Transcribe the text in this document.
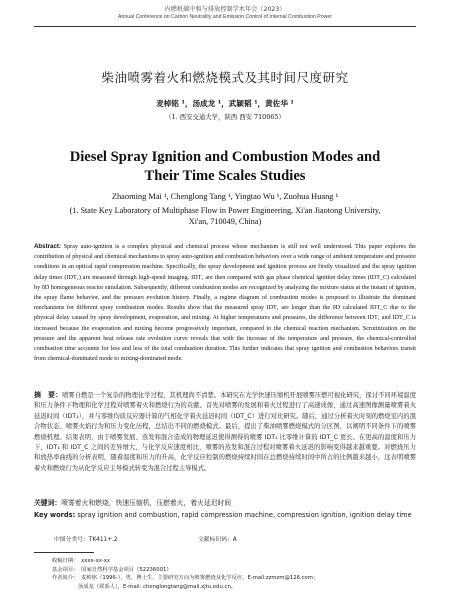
内燃机碳中和与排放控制学术年会（2023）
Annual Conference on Carbon Neutrality and Emission Control of Internal Combustion Power
柴油喷雾着火和燃烧模式及其时间尺度研究
麦棹铭 ¹，汤成龙 ¹，武颖韬 ¹，黄佐华 ¹
（1. 西安交通大学，陕西 西安 710065）
Diesel Spray Ignition and Combustion Modes and
Their Time Scales Studies
Zhaoming Mai ¹, Chenglong Tang ¹, Yingtao Wu ¹, Zuohua Huang ¹
(1. State Key Laboratory of Multiphase Flow in Power Engineering, Xi'an Jiaotong University, Xi'an, 710049, China)
Abstract: Spray auto-ignition is a complex physical and chemical process whose mechanism is still not well understood. This paper explores the contribution of physical and chemical mechanisms to spray auto-ignition and combustion behaviors over a wide range of ambient temperature and pressure conditions in an optical rapid compression machine. Specifically, the spray development and ignition process are firstly visualized and the spray ignition delay times (IDT₁) are measured through high-speed imaging. IDT₁ are then compared with gas phase chemical ignition delay times (IDT_C) calculated by 0D homogeneous reactor simulation. Subsequently, different combustion modes are recognized by analyzing the mixture status at the instant of ignition, the spray flame behavior, and the pressure evolution history. Finally, a regime diagram of combustion modes is proposed to illustrate the dominant mechanisms for different spray combustion modes. Results show that the measured spray IDT₁ are longer than the 0D calculated IDT_C due to the physical delay caused by spray development, evaporation, and mixing. At higher temperatures and pressures, the difference between IDT₁ and IDT_C is increased because the evaporation and mixing become progressively important, compared to the chemical reaction mechanism. Scrutinization on the pressure and the apparent heat release rate evolution curve reveals that with the increase of the temperature and pressure, the chemical-controlled combustion time accounts for less and less of the total combustion duration. This further indicates that spray ignition and combustion behaviors transit from chemical-dominated mode to mixing-dominated mode.
摘　要：喷雾自燃是一个复杂的物理化学过程，其机理尚不清楚。本研究在光学快速压缩机开展喷雾压燃可视化研究，探讨不同环境温度和压力条件下物理和化学过程对喷雾着火和燃烧行为的贡献。首先对喷雾的发展和着火过程进行了高速成像，通过高速图像测量喷雾着火延迟时间（IDT₁），并与零维均质反应器计算的气相化学着火延迟时间（IDT_C）进行对比研究。随后，通过分析着火时刻的燃烧室内的混合物状态、喷雾火焰行为和压力变化历程，总结出不同的燃烧模式。最后，提出了柴油喷雾燃烧模式的分区图，以阐明不同条件下的喷雾燃烧机理。结果表明，由于喷雾发展、蒸发和混合造成的物理延迟使得测得的喷雾 IDT₁ 比零维计算的 IDT_C 更长。在更高的温度和压力下，IDT₁ 和 IDT_C 之间的差异增大，与化学反应速度相比，喷雾的蒸发和混合过程对喷雾着火延迟的影响变得越来越重要。对燃烧压力和放热率曲线的分析表明，随着温度和压力的升高，化学反应控制的燃烧持续时间在总燃烧持续时间中所占的比例越来越小，这表明喷雾着火和燃烧行为从化学反应主导模式转变为混合过程主导模式。
关键词：喷雾着火和燃烧，快速压缩机，压燃着火，着火延迟时间
Key words: spray ignition and combustion, rapid compression machine, compression ignition, ignition delay time
中图分类号：TK411+.2	文献标识码：A
收稿日期：　xxxx-xx-xx
基金项目：　国家自然科学基金项目（52236001）
作者简介：　麦棹铭（1996-），男，博士生，主要研究方向为喷雾燃烧及化学反应，E-mail:zzmzm@126.com；
汤成龙（联系人），E-mail: chenglongtang@mail.xjtu.edu.cn。
